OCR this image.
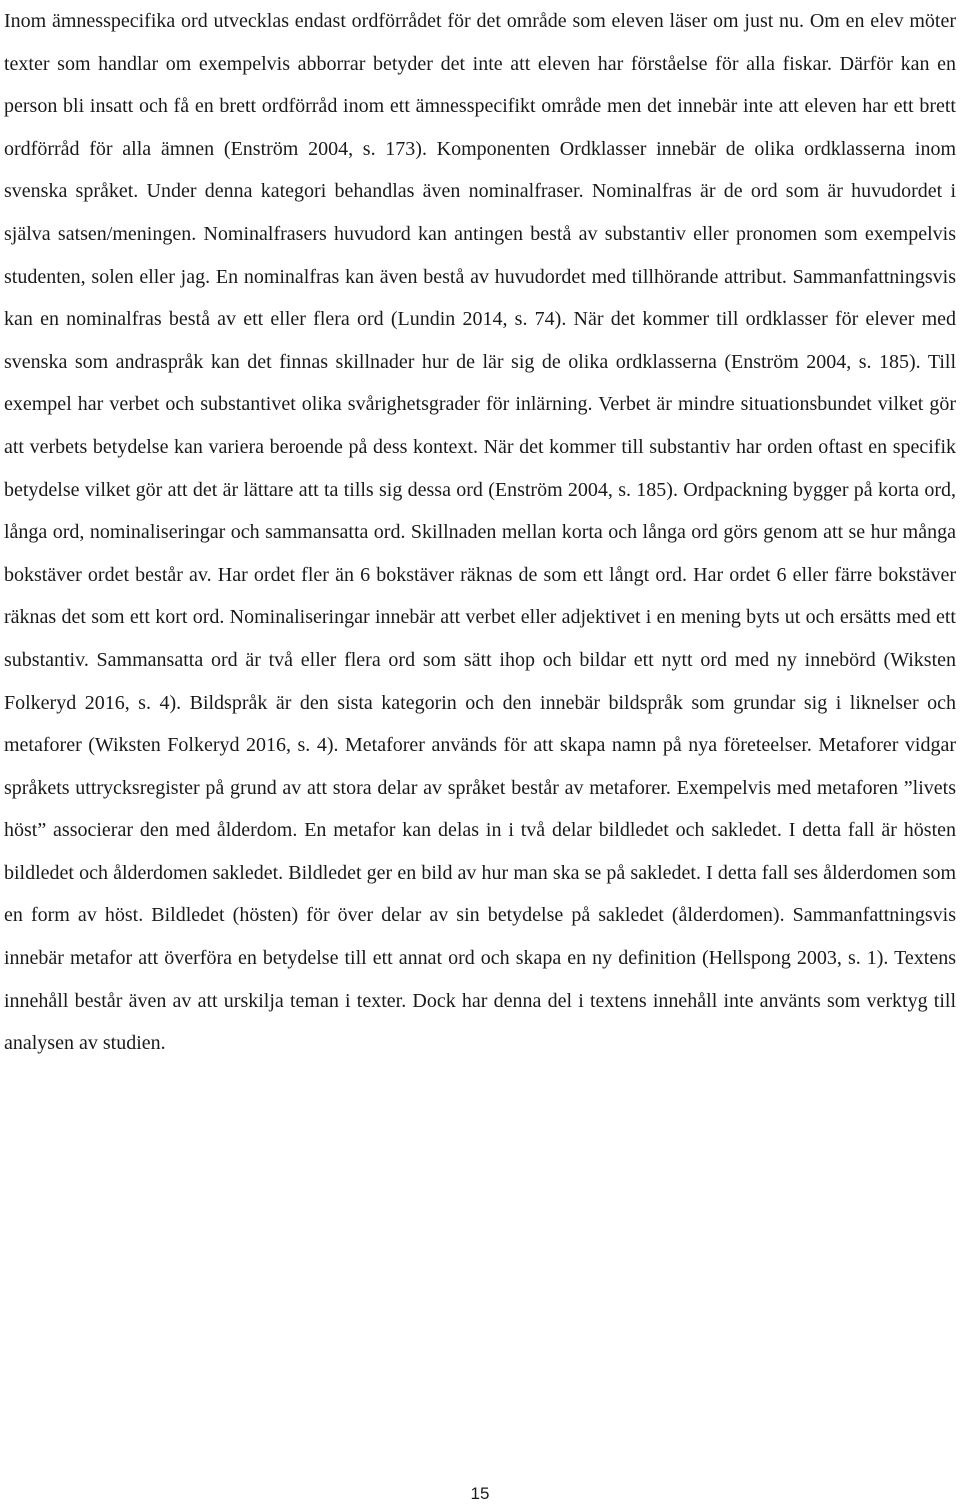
Inom ämnesspecifika ord utvecklas endast ordförrådet för det område som eleven läser om just nu. Om en elev möter texter som handlar om exempelvis abborrar betyder det inte att eleven har förståelse för alla fiskar. Därför kan en person bli insatt och få en brett ordförråd inom ett ämnesspecifikt område men det innebär inte att eleven har ett brett ordförråd för alla ämnen (Enström 2004, s. 173). Komponenten Ordklasser innebär de olika ordklasserna inom svenska språket. Under denna kategori behandlas även nominalfraser. Nominalfras är de ord som är huvudordet i själva satsen/meningen. Nominalfrasers huvudord kan antingen bestå av substantiv eller pronomen som exempelvis studenten, solen eller jag. En nominalfras kan även bestå av huvudordet med tillhörande attribut. Sammanfattningsvis kan en nominalfras bestå av ett eller flera ord (Lundin 2014, s. 74). När det kommer till ordklasser för elever med svenska som andraspråk kan det finnas skillnader hur de lär sig de olika ordklasserna (Enström 2004, s. 185). Till exempel har verbet och substantivet olika svårighetsgrader för inlärning. Verbet är mindre situationsbundet vilket gör att verbets betydelse kan variera beroende på dess kontext. När det kommer till substantiv har orden oftast en specifik betydelse vilket gör att det är lättare att ta tills sig dessa ord (Enström 2004, s. 185). Ordpackning bygger på korta ord, långa ord, nominaliseringar och sammansatta ord. Skillnaden mellan korta och långa ord görs genom att se hur många bokstäver ordet består av. Har ordet fler än 6 bokstäver räknas de som ett långt ord. Har ordet 6 eller färre bokstäver räknas det som ett kort ord. Nominaliseringar innebär att verbet eller adjektivet i en mening byts ut och ersätts med ett substantiv. Sammansatta ord är två eller flera ord som sätt ihop och bildar ett nytt ord med ny innebörd (Wiksten Folkeryd 2016, s. 4). Bildspråk är den sista kategorin och den innebär bildspråk som grundar sig i liknelser och metaforer (Wiksten Folkeryd 2016, s. 4). Metaforer används för att skapa namn på nya företeelser. Metaforer vidgar språkets uttrycksregister på grund av att stora delar av språket består av metaforer. Exempelvis med metaforen ”livets höst” associerar den med ålderdom. En metafor kan delas in i två delar bildledet och sakledet. I detta fall är hösten bildledet och ålderdomen sakledet. Bildledet ger en bild av hur man ska se på sakledet. I detta fall ses ålderdomen som en form av höst. Bildledet (hösten) för över delar av sin betydelse på sakledet (ålderdomen). Sammanfattningsvis innebär metafor att överföra en betydelse till ett annat ord och skapa en ny definition (Hellspong 2003, s. 1). Textens innehåll består även av att urskilja teman i texter. Dock har denna del i textens innehåll inte använts som verktyg till analysen av studien.

15
